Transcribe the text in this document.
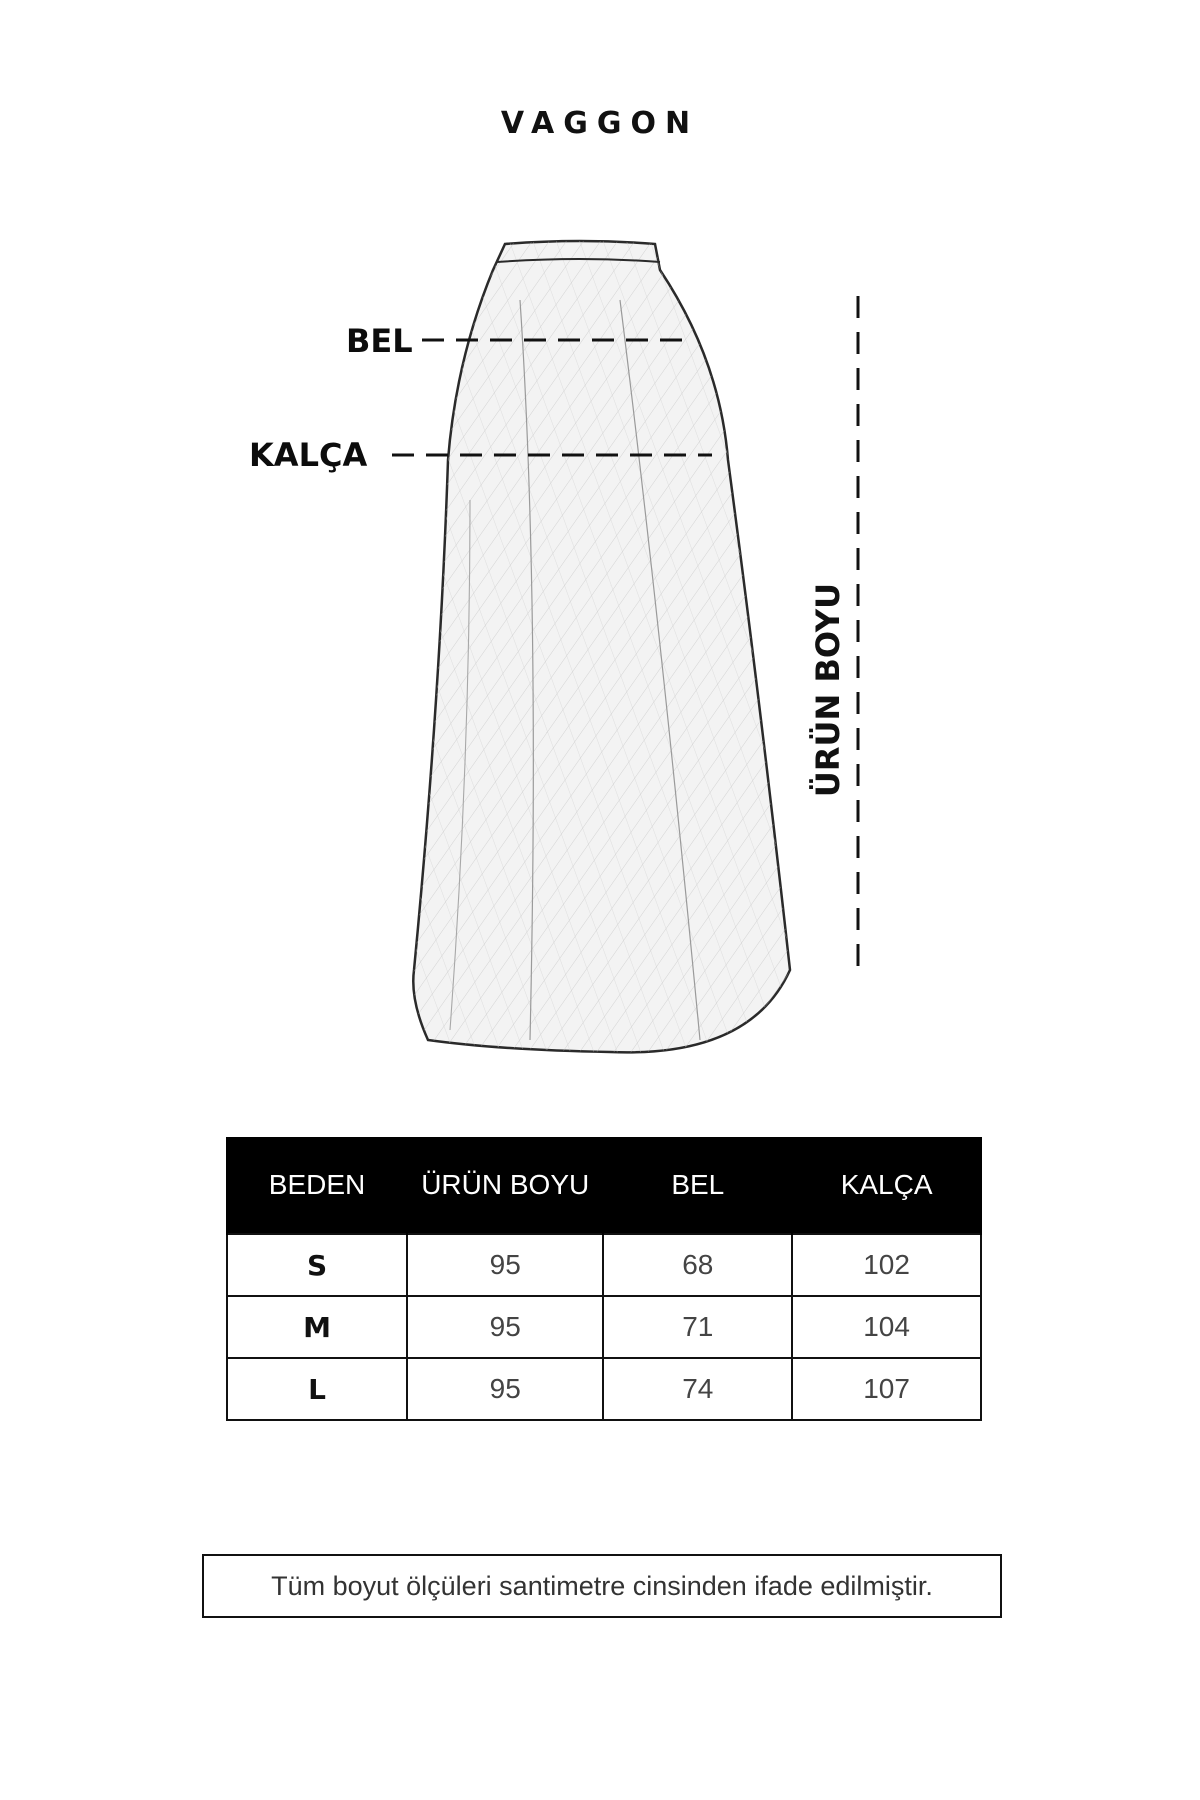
VAGGON
BEL
KALÇA
ÜRÜN BOYU
BEDEN	ÜRÜN BOYU	BEL	KALÇA
S	95	68	102
M	95	71	104
L	95	74	107
Tüm boyut ölçüleri santimetre cinsinden ifade edilmiştir.
